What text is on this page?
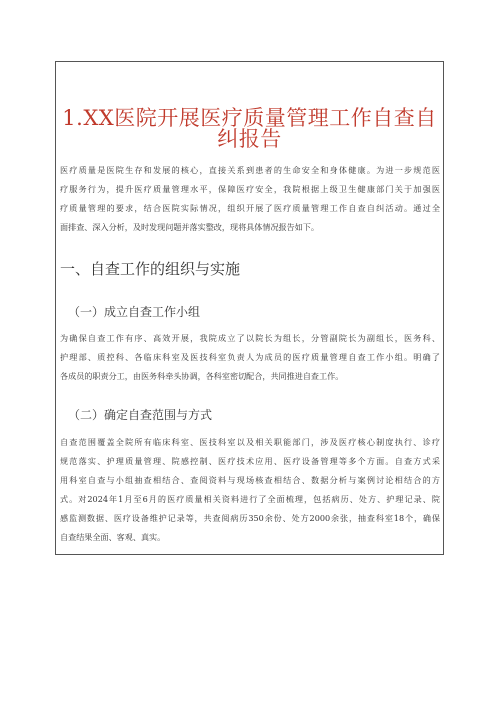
1.XX医院开展医疗质量管理工作自查自
纠报告
医疗质量是医院生存和发展的核心，直接关系到患者的生命安全和身体健康。为进一步规范医
疗服务行为，提升医疗质量管理水平，保障医疗安全，我院根据上级卫生健康部门关于加强医
疗质量管理的要求，结合医院实际情况，组织开展了医疗质量管理工作自查自纠活动。通过全
面排查、深入分析，及时发现问题并落实整改，现将具体情况报告如下。
一、自查工作的组织与实施
（一）成立自查工作小组
为确保自查工作有序、高效开展，我院成立了以院长为组长，分管副院长为副组长，医务科、
护理部、质控科、各临床科室及医技科室负责人为成员的医疗质量管理自查工作小组。明确了
各成员的职责分工，由医务科牵头协调，各科室密切配合，共同推进自查工作。
（二）确定自查范围与方式
自查范围覆盖全院所有临床科室、医技科室以及相关职能部门，涉及医疗核心制度执行、诊疗
规范落实、护理质量管理、院感控制、医疗技术应用、医疗设备管理等多个方面。自查方式采
用科室自查与小组抽查相结合、查阅资料与现场核查相结合、数据分析与案例讨论相结合的方
式。对2024年1月至6月的医疗质量相关资料进行了全面梳理，包括病历、处方、护理记录、院
感监测数据、医疗设备维护记录等，共查阅病历350余份、处方2000余张，抽查科室18个，确保
自查结果全面、客观、真实。
